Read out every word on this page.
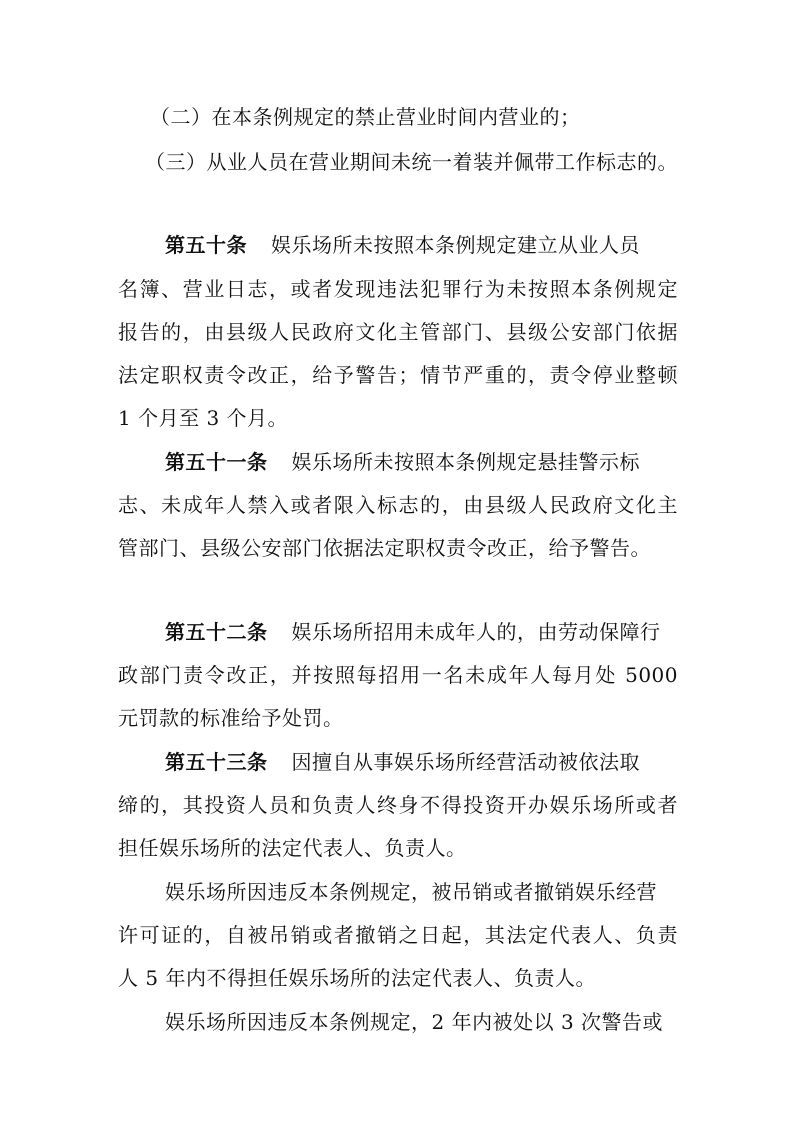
（二）在本条例规定的禁止营业时间内营业的；
（三）从业人员在营业期间未统一着装并佩带工作标志的。
第五十条 娱乐场所未按照本条例规定建立从业人员
名簿、营业日志，或者发现违法犯罪行为未按照本条例规定
报告的，由县级人民政府文化主管部门、县级公安部门依据
法定职权责令改正，给予警告；情节严重的，责令停业整顿
1 个月至 3 个月。
第五十一条 娱乐场所未按照本条例规定悬挂警示标
志、未成年人禁入或者限入标志的，由县级人民政府文化主
管部门、县级公安部门依据法定职权责令改正，给予警告。
第五十二条 娱乐场所招用未成年人的，由劳动保障行
政部门责令改正，并按照每招用一名未成年人每月处 5000
元罚款的标准给予处罚。
第五十三条 因擅自从事娱乐场所经营活动被依法取
缔的，其投资人员和负责人终身不得投资开办娱乐场所或者
担任娱乐场所的法定代表人、负责人。
娱乐场所因违反本条例规定，被吊销或者撤销娱乐经营
许可证的，自被吊销或者撤销之日起，其法定代表人、负责
人 5 年内不得担任娱乐场所的法定代表人、负责人。
娱乐场所因违反本条例规定，2 年内被处以 3 次警告或
